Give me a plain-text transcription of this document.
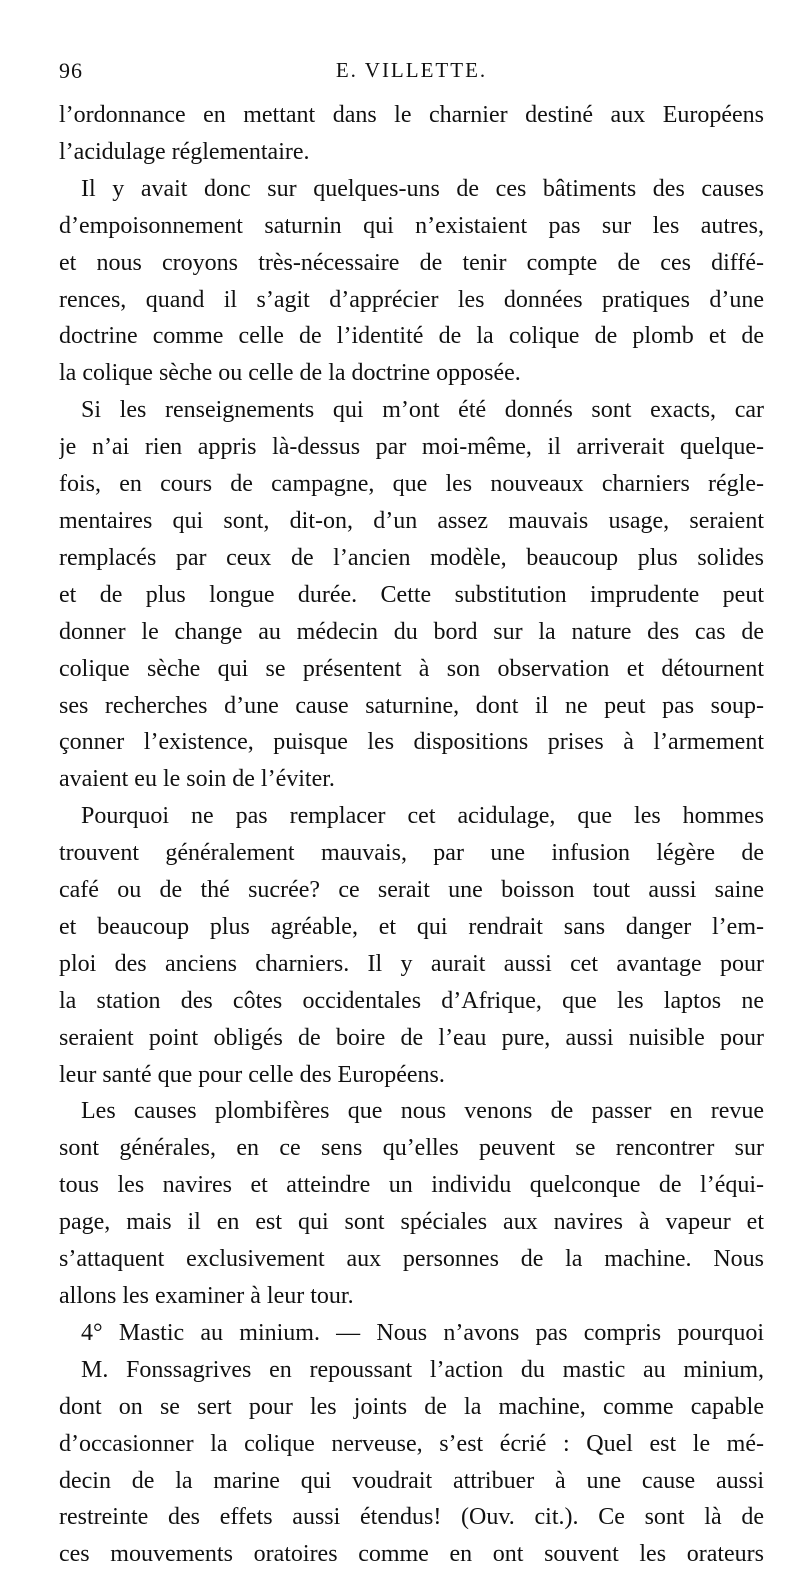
96	E. VILLETTE.
l’ordonnance en mettant dans le charnier destiné aux Européens
l’acidulage réglementaire.
Il y avait donc sur quelques-uns de ces bâtiments des causes
d’empoisonnement saturnin qui n’existaient pas sur les autres,
et nous croyons très-nécessaire de tenir compte de ces diffé-
rences, quand il s’agit d’apprécier les données pratiques d’une
doctrine comme celle de l’identité de la colique de plomb et de
la colique sèche ou celle de la doctrine opposée.
Si les renseignements qui m’ont été donnés sont exacts, car
je n’ai rien appris là-dessus par moi-même, il arriverait quelque-
fois, en cours de campagne, que les nouveaux charniers régle-
mentaires qui sont, dit-on, d’un assez mauvais usage, seraient
remplacés par ceux de l’ancien modèle, beaucoup plus solides
et de plus longue durée. Cette substitution imprudente peut
donner le change au médecin du bord sur la nature des cas de
colique sèche qui se présentent à son observation et détournent
ses recherches d’une cause saturnine, dont il ne peut pas soup-
çonner l’existence, puisque les dispositions prises à l’armement
avaient eu le soin de l’éviter.
Pourquoi ne pas remplacer cet acidulage, que les hommes
trouvent généralement mauvais, par une infusion légère de
café ou de thé sucrée? ce serait une boisson tout aussi saine
et beaucoup plus agréable, et qui rendrait sans danger l’em-
ploi des anciens charniers. Il y aurait aussi cet avantage pour
la station des côtes occidentales d’Afrique, que les laptos ne
seraient point obligés de boire de l’eau pure, aussi nuisible pour
leur santé que pour celle des Européens.
Les causes plombifères que nous venons de passer en revue
sont générales, en ce sens qu’elles peuvent se rencontrer sur
tous les navires et atteindre un individu quelconque de l’équi-
page, mais il en est qui sont spéciales aux navires à vapeur et
s’attaquent exclusivement aux personnes de la machine. Nous
allons les examiner à leur tour.
4° Mastic au minium. — Nous n’avons pas compris pourquoi
M. Fonssagrives en repoussant l’action du mastic au minium,
dont on se sert pour les joints de la machine, comme capable
d’occasionner la colique nerveuse, s’est écrié : Quel est le mé-
decin de la marine qui voudrait attribuer à une cause aussi
restreinte des effets aussi étendus! (Ouv. cit.). Ce sont là de
ces mouvements oratoires comme en ont souvent les orateurs
